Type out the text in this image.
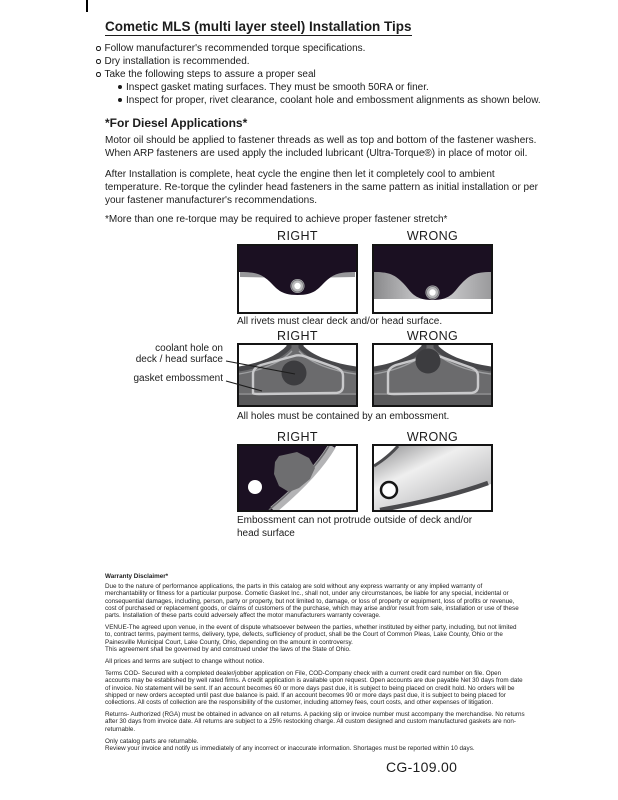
Cometic MLS (multi layer steel) Installation Tips
Follow manufacturer's recommended torque specifications.
Dry installation is recommended.
Take the following steps to assure a proper seal
Inspect gasket mating surfaces. They must be smooth 50RA or finer.
Inspect for proper, rivet clearance, coolant hole and embossment alignments as shown below.
*For Diesel Applications*
Motor oil should be applied to fastener threads as well as top and bottom of the fastener washers. When ARP fasteners are used apply the included lubricant (Ultra-Torque®) in place of motor oil.
After Installation is complete, heat cycle the engine then let it completely cool to ambient temperature. Re-torque the cylinder head fasteners in the same pattern as initial installation or per your fastener manufacturer's recommendations.
*More than one re-torque may be required to achieve proper fastener stretch*
RIGHT	WRONG
All rivets must clear deck and/or head surface.
RIGHT	WRONG
coolant hole on
deck / head surface
gasket embossment
All holes must be contained by an embossment.
RIGHT	WRONG
Embossment can not protrude outside of deck and/or head surface
Warranty Disclaimer*

Due to the nature of performance applications, the parts in this catalog are sold without any express warranty or any implied warranty of merchantability or fitness for a particular purpose. Cometic Gasket Inc., shall not, under any circumstances, be liable for any special, incidental or consequential damages, including, person, party or property, but not limited to, damage, or loss of property or equipment, loss of profits or revenue, cost of purchased or replacement goods, or claims of customers of the purchase, which may arise and/or result from sale, installation or use of these parts. Installation of these parts could adversely affect the motor manufacturers warranty coverage.

VENUE-The agreed upon venue, in the event of dispute whatsoever between the parties, whether instituted by either party, including, but not limited to, contract terms, payment terms, delivery, type, defects, sufficiency of product, shall be the Court of Common Pleas, Lake County, Ohio or the Painesville Municipal Court, Lake County, Ohio, depending on the amount in controversy.

This agreement shall be governed by and construed under the laws of the State of Ohio.

All prices and terms are subject to change without notice.

Terms COD- Secured with a completed dealer/jobber application on File, COD-Company check with a current credit card number on file. Open accounts may be established by well rated firms. A credit application is available upon request. Open accounts are due payable Net 30 days from date of invoice. No statement will be sent. If an account becomes 60 or more days past due, it is subject to being placed on credit hold. No orders will be shipped or new orders accepted until past due balance is paid. If an account becomes 90 or more days past due, it is subject to being placed for collections. All costs of collection are the responsibility of the customer, including attorney fees, court costs, and other expenses of litigation.

Returns- Authorized (RGA) must be obtained in advance on all returns. A packing slip or invoice number must accompany the merchandise. No returns after 30 days from invoice date. All returns are subject to a 25% restocking charge. All custom designed and custom manufactured gaskets are non-returnable.

Only catalog parts are returnable.

Review your invoice and notify us immediately of any incorrect or inaccurate information. Shortages must be reported within 10 days.

CG-109.00
